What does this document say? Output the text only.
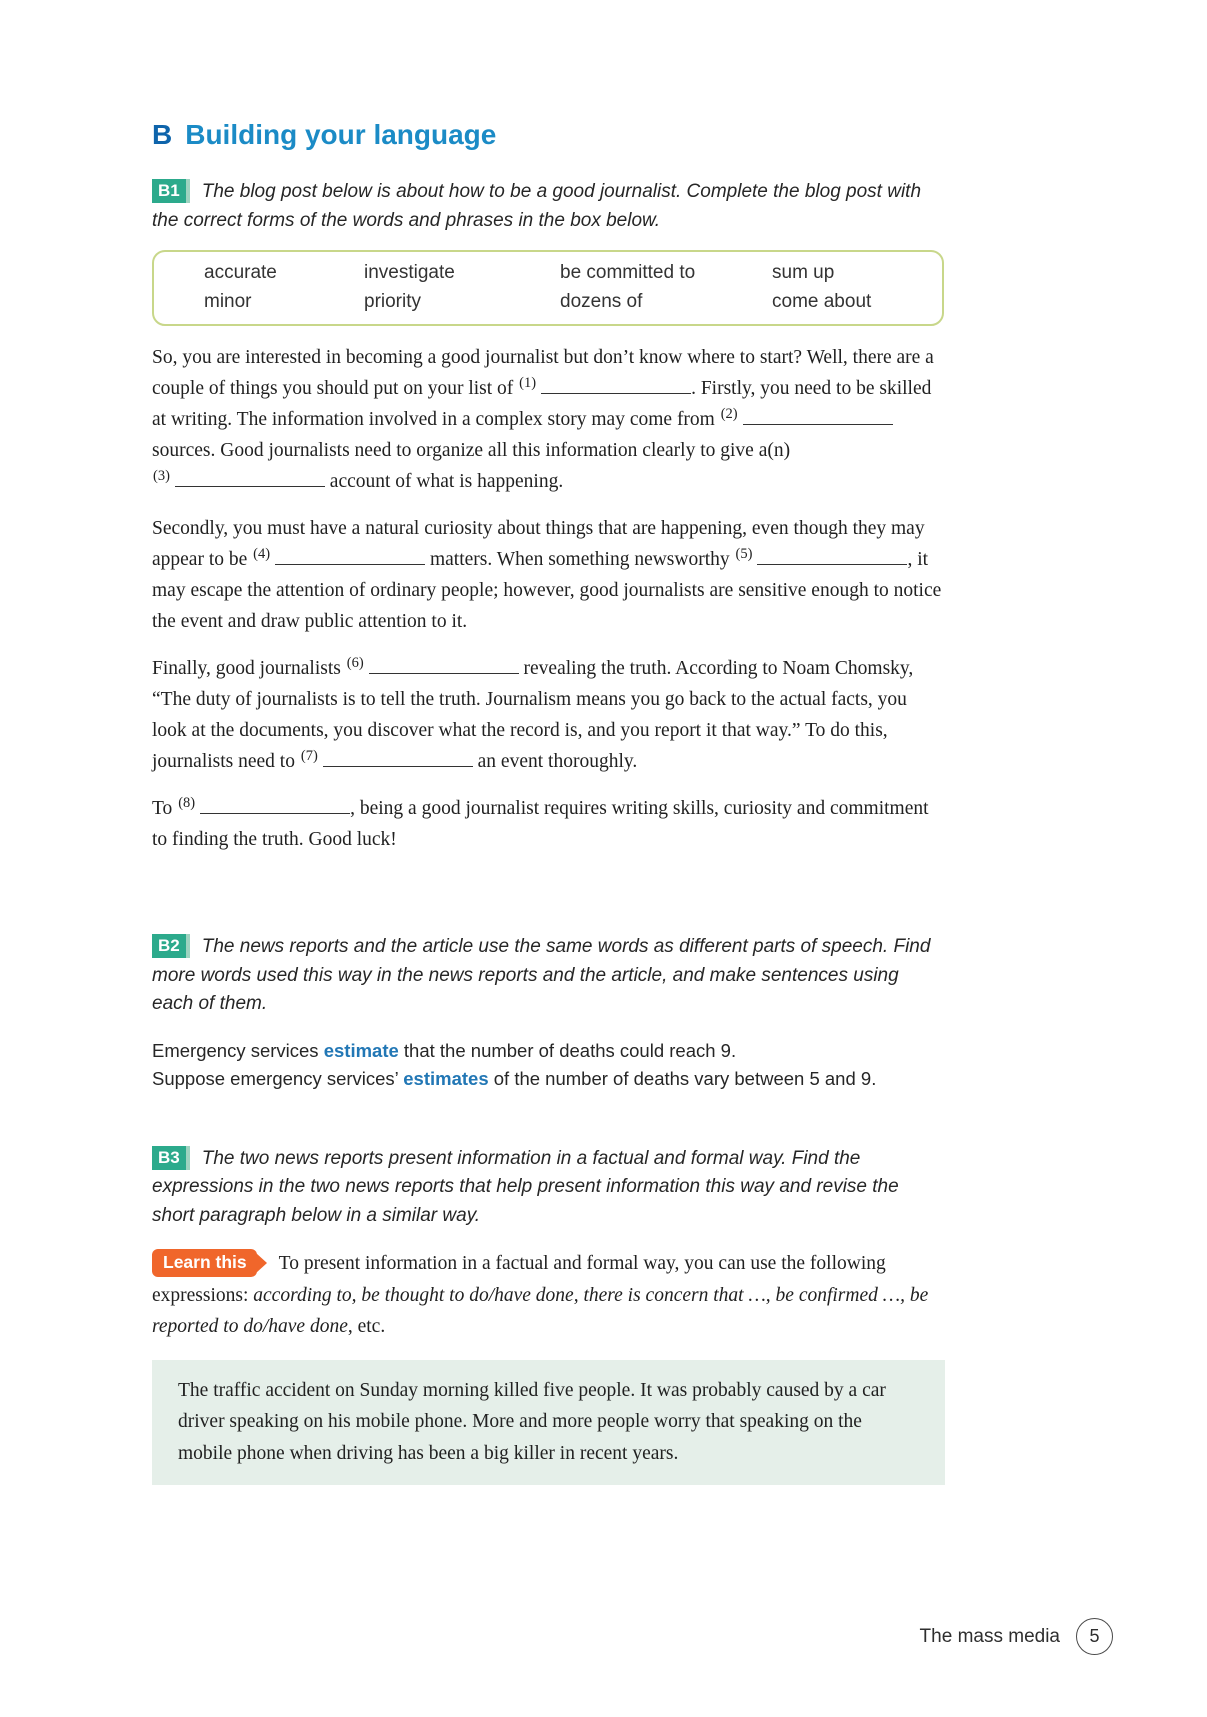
B Building your language

B1 The blog post below is about how to be a good journalist. Complete the blog post with the correct forms of the words and phrases in the box below.

accurate	investigate	be committed to	sum up
minor	priority	dozens of	come about

So, you are interested in becoming a good journalist but don’t know where to start? Well, there are a couple of things you should put on your list of $^{(1)}$	. Firstly, you need to be skilled at writing. The information involved in a complex story may come from $^{(2)}$ sources. Good journalists need to organize all this information clearly to give a(n) $^{(3)}$	account of what is happening.

Secondly, you must have a natural curiosity about things that are happening, even though they may appear to be $^{(4)}$	matters. When something newsworthy $^{(5)}$	, it may escape the attention of ordinary people; however, good journalists are sensitive enough to notice the event and draw public attention to it.

Finally, good journalists $^{(6)}$	revealing the truth. According to Noam Chomsky, “The duty of journalists is to tell the truth. Journalism means you go back to the actual facts, you look at the documents, you discover what the record is, and you report it that way.” To do this, journalists need to $^{(7)}$	an event thoroughly.

To $^{(8)}$	, being a good journalist requires writing skills, curiosity and commitment to finding the truth. Good luck!

B2 The news reports and the article use the same words as different parts of speech. Find more words used this way in the news reports and the article, and make sentences using each of them.

Emergency services estimate that the number of deaths could reach 9.

Suppose emergency services’ estimates of the number of deaths vary between 5 and 9.

B3 The two news reports present information in a factual and formal way. Find the expressions in the two news reports that help present information this way and revise the short paragraph below in a similar way.

Learn this To present information in a factual and formal way, you can use the following expressions: according to, be thought to do/have done, there is concern that …, be confirmed …, be reported to do/have done, etc.

The traffic accident on Sunday morning killed five people. It was probably caused by a car driver speaking on his mobile phone. More and more people worry that speaking on the mobile phone when driving has been a big killer in recent years.

The mass media 5
